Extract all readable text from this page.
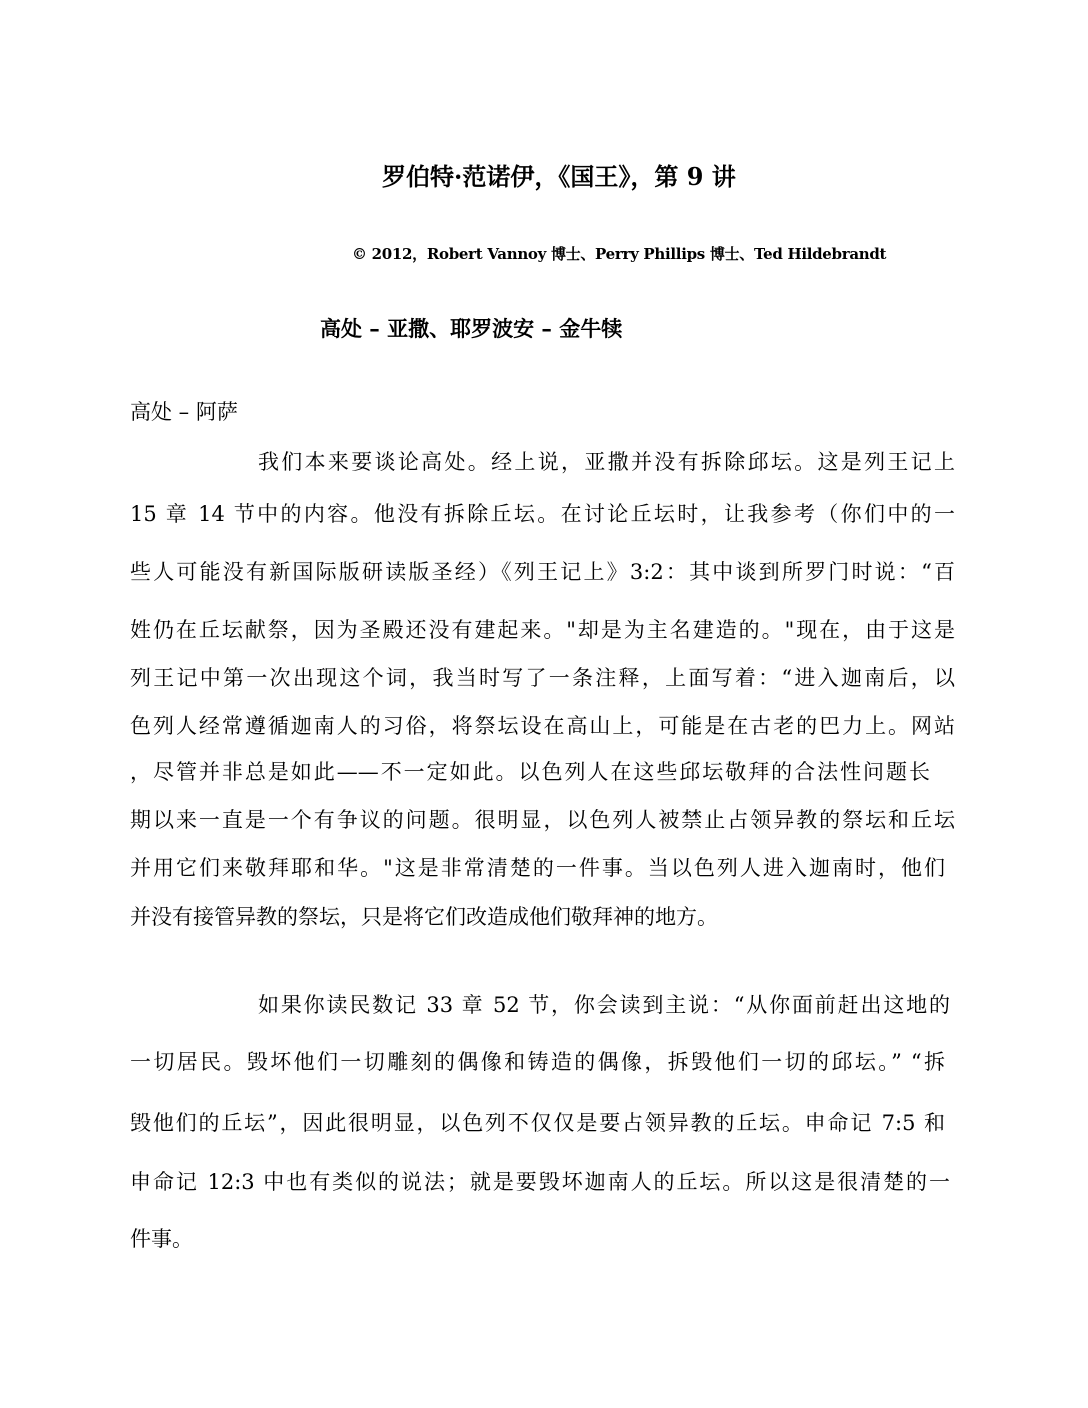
罗伯特·范诺伊，《国王》，第 9 讲
© 2012，Robert Vannoy 博士、Perry Phillips 博士、Ted Hildebrandt
高处 – 亚撒、耶罗波安 – 金牛犊
高处 – 阿萨
我们本来要谈论高处。经上说，亚撒并没有拆除邱坛。这是列王记上
15 章 14 节中的内容。他没有拆除丘坛。在讨论丘坛时，让我参考（你们中的一
些人可能没有新国际版研读版圣经）《列王记上》3:2：其中谈到所罗门时说：“百
姓仍在丘坛献祭，因为圣殿还没有建起来。"却是为主名建造的。"现在，由于这是
列王记中第一次出现这个词，我当时写了一条注释，上面写着：“进入迦南后，以
色列人经常遵循迦南人的习俗，将祭坛设在高山上，可能是在古老的巴力上。网站
，尽管并非总是如此——不一定如此。以色列人在这些邱坛敬拜的合法性问题长
期以来一直是一个有争议的问题。很明显，以色列人被禁止占领异教的祭坛和丘坛
并用它们来敬拜耶和华。"这是非常清楚的一件事。当以色列人进入迦南时，他们
并没有接管异教的祭坛，只是将它们改造成他们敬拜神的地方。
如果你读民数记 33 章 52 节，你会读到主说：“从你面前赶出这地的
一切居民。毁坏他们一切雕刻的偶像和铸造的偶像，拆毁他们一切的邱坛。” “拆
毁他们的丘坛”，因此很明显，以色列不仅仅是要占领异教的丘坛。申命记 7:5 和
申命记 12:3 中也有类似的说法；就是要毁坏迦南人的丘坛。所以这是很清楚的一
件事。
